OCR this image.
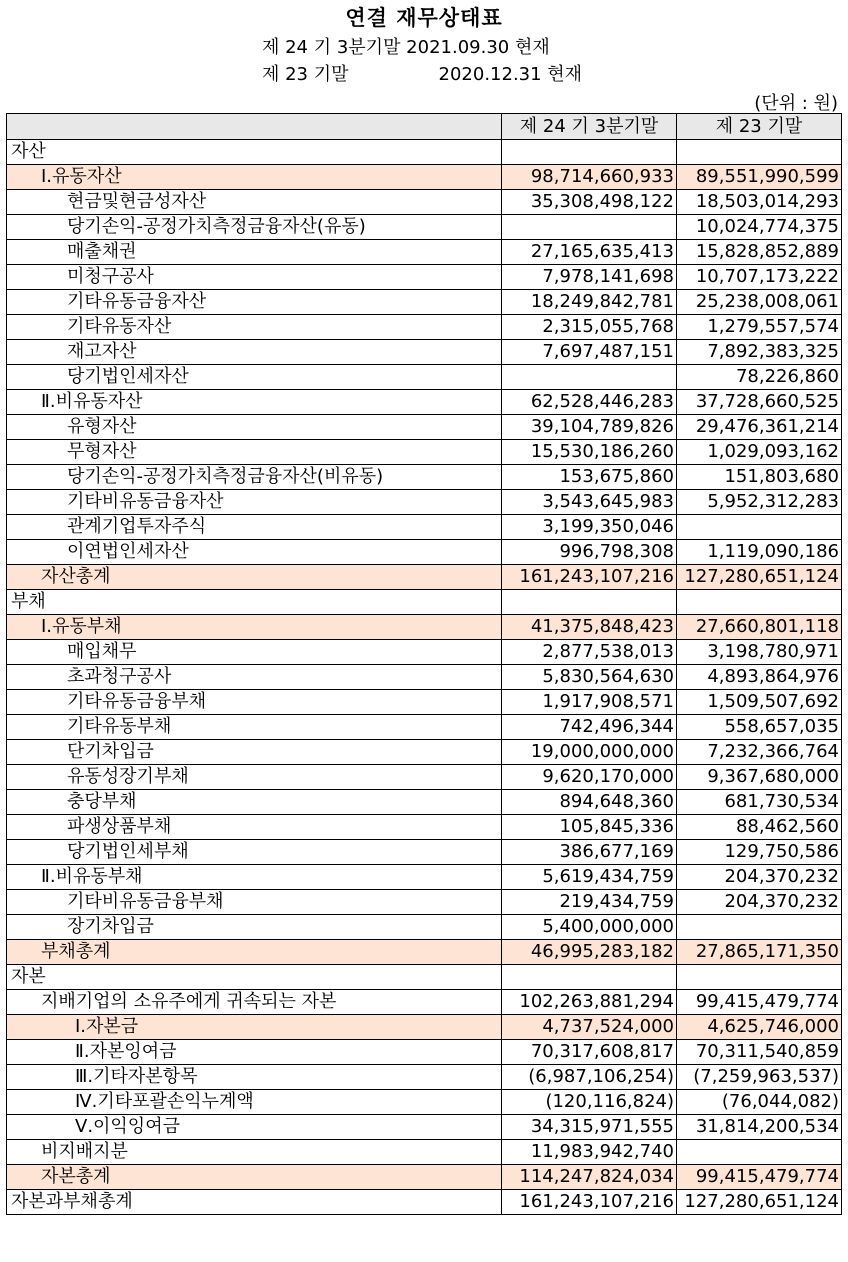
연결 재무상태표
제 24 기 3분기말 2021.09.30 현재
제 23 기말	2020.12.31 현재
(단위 : 원)
	제 24 기 3분기말	제 23 기말
자산		
Ⅰ.유동자산	98,714,660,933	89,551,990,599
현금및현금성자산	35,308,498,122	18,503,014,293
당기손익-공정가치측정금융자산(유동)		10,024,774,375
매출채권	27,165,635,413	15,828,852,889
미청구공사	7,978,141,698	10,707,173,222
기타유동금융자산	18,249,842,781	25,238,008,061
기타유동자산	2,315,055,768	1,279,557,574
재고자산	7,697,487,151	7,892,383,325
당기법인세자산		78,226,860
Ⅱ.비유동자산	62,528,446,283	37,728,660,525
유형자산	39,104,789,826	29,476,361,214
무형자산	15,530,186,260	1,029,093,162
당기손익-공정가치측정금융자산(비유동)	153,675,860	151,803,680
기타비유동금융자산	3,543,645,983	5,952,312,283
관계기업투자주식	3,199,350,046	
이연법인세자산	996,798,308	1,119,090,186
자산총계	161,243,107,216	127,280,651,124
부채		
Ⅰ.유동부채	41,375,848,423	27,660,801,118
매입채무	2,877,538,013	3,198,780,971
초과청구공사	5,830,564,630	4,893,864,976
기타유동금융부채	1,917,908,571	1,509,507,692
기타유동부채	742,496,344	558,657,035
단기차입금	19,000,000,000	7,232,366,764
유동성장기부채	9,620,170,000	9,367,680,000
충당부채	894,648,360	681,730,534
파생상품부채	105,845,336	88,462,560
당기법인세부채	386,677,169	129,750,586
Ⅱ.비유동부채	5,619,434,759	204,370,232
기타비유동금융부채	219,434,759	204,370,232
장기차입금	5,400,000,000	
부채총계	46,995,283,182	27,865,171,350
자본		
지배기업의 소유주에게 귀속되는 자본	102,263,881,294	99,415,479,774
Ⅰ.자본금	4,737,524,000	4,625,746,000
Ⅱ.자본잉여금	70,317,608,817	70,311,540,859
Ⅲ.기타자본항목	(6,987,106,254)	(7,259,963,537)
Ⅳ.기타포괄손익누계액	(120,116,824)	(76,044,082)
Ⅴ.이익잉여금	34,315,971,555	31,814,200,534
비지배지분	11,983,942,740	
자본총계	114,247,824,034	99,415,479,774
자본과부채총계	161,243,107,216	127,280,651,124
